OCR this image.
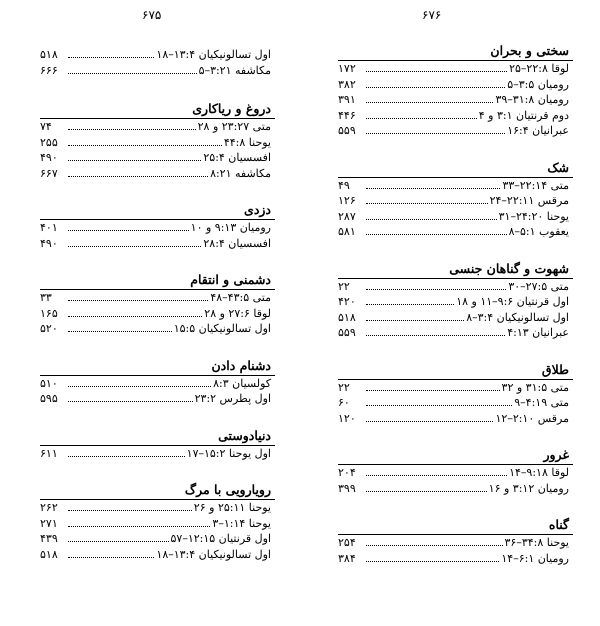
۶۷۵	۶۷۶
اول تسالونیکیان ۱۳:۴–۱۸
۵۱۸
مکاشفه ۳:۲۱–۵
۶۶۶
دروغ و ریاکاری
متی ۲۳:۲۷ و ۲۸
۷۴
یوحنا ۴۴:۸
۲۵۵
افسسیان ۲۵:۴
۴۹۰
مکاشفه ۸:۲۱
۶۶۷
دزدی
رومیان ۹:۱۳ و ۱۰
۴۰۱
افسسیان ۲۸:۴
۴۹۰
دشمنی و انتقام
متی ۴۳:۵–۴۸
۳۳
لوقا ۲۷:۶ و ۲۸
۱۶۵
اول تسالونیکیان ۱۵:۵
۵۲۰
دشنام دادن
کولسیان ۸:۳
۵۱۰
اول پطرس ۲۳:۲
۵۹۵
دنیادوستی
اول یوحنا ۱۵:۲–۱۷
۶۱۱
رویارویی با مرگ
یوحنا ۲۵:۱۱ و ۲۶
۲۶۲
یوحنا ۱:۱۴–۳
۲۷۱
اول قرنتیان ۱۲:۱۵–۵۷
۴۳۹
اول تسالونیکیان ۱۳:۴–۱۸
۵۱۸
سختی و بحران
لوقا ۲۲:۸–۲۵
۱۷۲
رومیان ۳:۵–۵
۳۸۲
رومیان ۳۱:۸–۳۹
۳۹۱
دوم قرنتیان ۳:۱ و ۴
۴۴۶
عبرانیان ۱۶:۴
۵۵۹
شک
متی ۲۲:۱۴–۳۳
۴۹
مرقس ۲۲:۱۱–۲۴
۱۲۶
یوحنا ۲۴:۲۰–۳۱
۲۸۷
یعقوب ۵:۱–۸
۵۸۱
شهوت و گناهان جنسی
متی ۲۷:۵–۳۰
۲۲
اول قرنتیان ۹:۶–۱۱ و ۱۸
۴۲۰
اول تسالونیکیان ۳:۴–۸
۵۱۸
عبرانیان ۴:۱۳
۵۵۹
طلاق
متی ۳۱:۵ و ۳۲
۲۲
متی ۴:۱۹–۹
۶۰
مرقس ۲:۱۰–۱۲
۱۲۰
غرور
لوقا ۹:۱۸–۱۴
۲۰۴
رومیان ۳:۱۲ و ۱۶
۳۹۹
گناه
یوحنا ۳۴:۸–۳۶
۲۵۴
رومیان ۶:۱–۱۴
۳۸۴
